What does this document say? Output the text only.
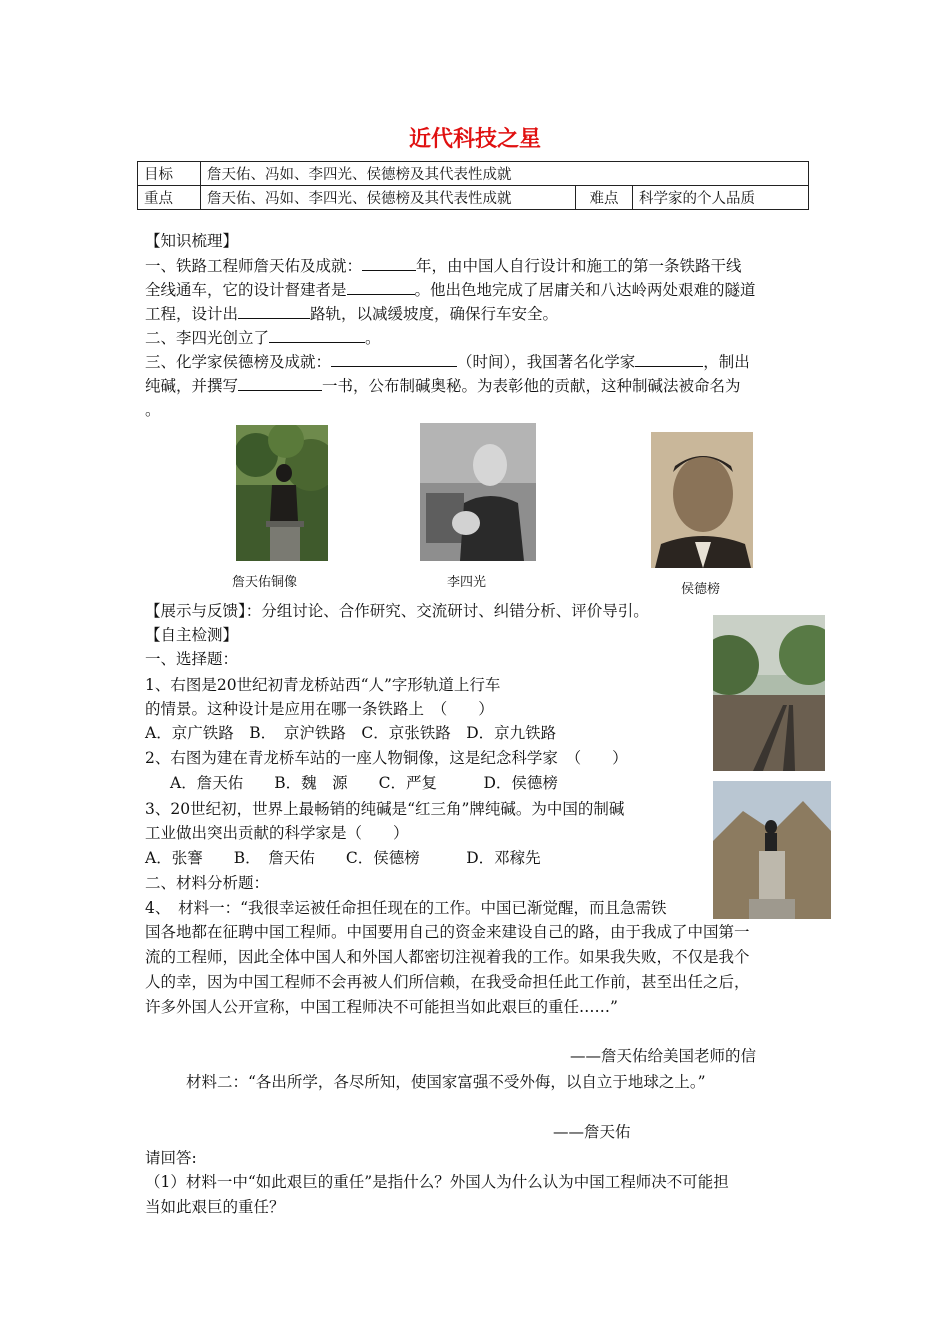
近代科技之星
目标	詹天佑、冯如、李四光、侯德榜及其代表性成就		
重点	詹天佑、冯如、李四光、侯德榜及其代表性成就	难点	科学家的个人品质
【知识梳理】
一、铁路工程师詹天佑及成就：	年，由中国人自行设计和施工的第一条铁路干线
全线通车，它的设计督建者是	。他出色地完成了居庸关和八达岭两处艰难的隧道
工程，设计出	路轨，以减缓坡度，确保行车安全。
二、李四光创立了	。
三、化学家侯德榜及成就：	（时间），我国著名化学家	，制出
纯碱，并撰写	一书，公布制碱奥秘。为表彰他的贡献，这种制碱法被命名为
。
詹天佑铜像	李四光	侯德榜
【展示与反馈】：分组讨论、合作研究、交流研讨、纠错分析、评价导引。
【自主检测】
一、选择题：
1、右图是20世纪初青龙桥站西“人”字形轨道上行车
的情景。这种设计是应用在哪一条铁路上　（　　）
A．京广铁路　B．　京沪铁路　C．京张铁路　D．京九铁路
2、右图为建在青龙桥车站的一座人物铜像，这是纪念科学家　（　　）
A．詹天佑　　B．魏　源　　C．严复　　　D．侯德榜
3、20世纪初，世界上最畅销的纯碱是“红三角”牌纯碱。为中国的制碱
工业做出突出贡献的科学家是（　　）
A．张謇　　B．　詹天佑　　C．侯德榜　　　D．邓稼先
二、材料分析题：
4、　材料一：“我很幸运被任命担任现在的工作。中国已渐觉醒，而且急需铁
国各地都在征聘中国工程师。中国要用自己的资金来建设自己的路，由于我成了中国第一
流的工程师，因此全体中国人和外国人都密切注视着我的工作。如果我失败，不仅是我个
人的幸，因为中国工程师不会再被人们所信赖，在我受命担任此工作前，甚至出任之后，
许多外国人公开宣称，中国工程师决不可能担当如此艰巨的重任……”
——詹天佑给美国老师的信
材料二：“各出所学，各尽所知，使国家富强不受外侮，以自立于地球之上。”
——詹天佑
请回答:
（1）材料一中“如此艰巨的重任”是指什么？外国人为什么认为中国工程师决不可能担
当如此艰巨的重任？
